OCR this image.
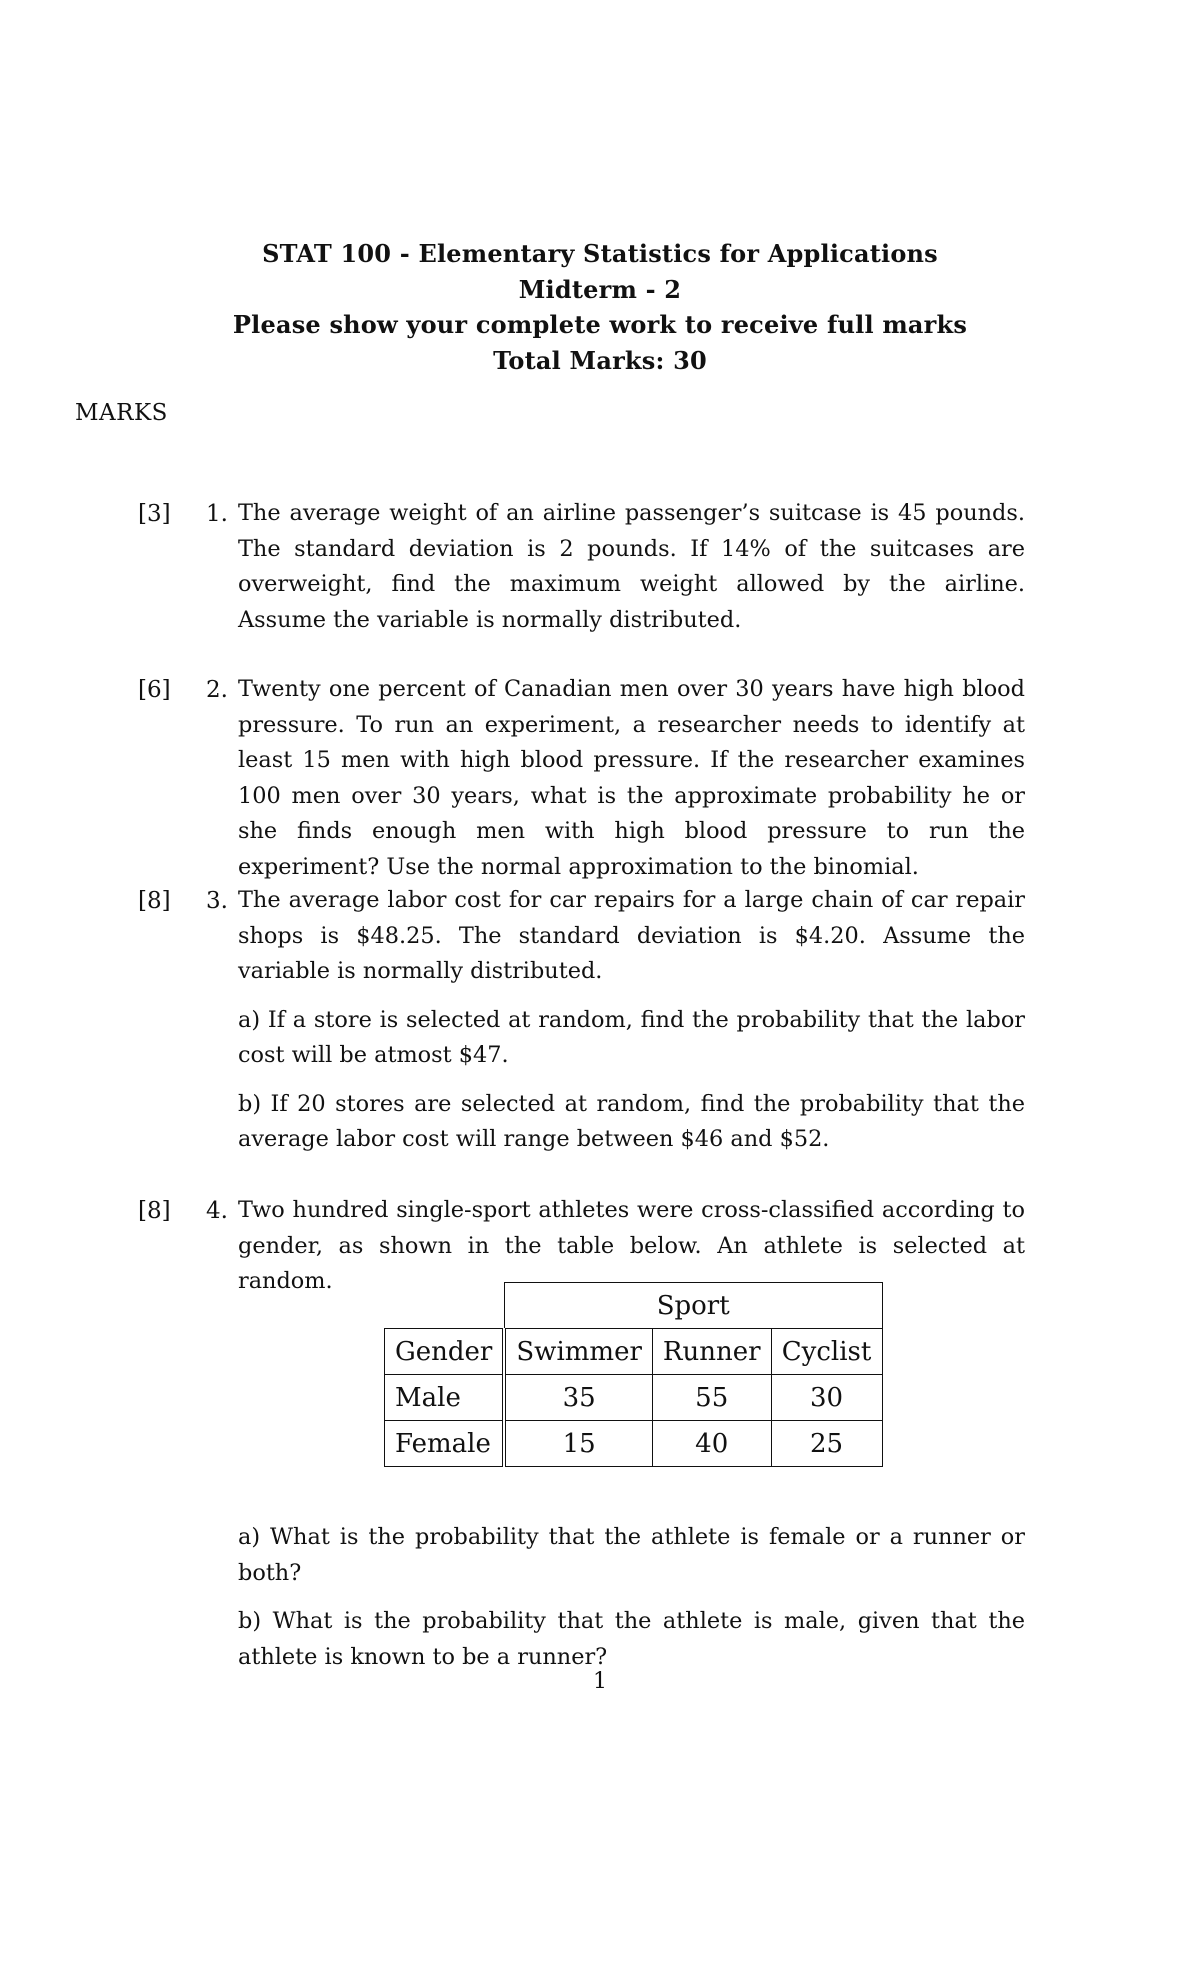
STAT 100 - Elementary Statistics for Applications
Midterm - 2
Please show your complete work to receive full marks
Total Marks: 30
MARKS
[3] 1. The average weight of an airline passenger’s suitcase is 45 pounds. The standard deviation is 2 pounds. If 14% of the suitcases are overweight, find the maximum weight allowed by the airline. Assume the variable is normally distributed.

[6] 2. Twenty one percent of Canadian men over 30 years have high blood pressure. To run an experiment, a researcher needs to identify at least 15 men with high blood pressure. If the researcher examines 100 men over 30 years, what is the approximate probability he or she finds enough men with high blood pressure to run the experiment? Use the normal approximation to the binomial.

[8] 3. The average labor cost for car repairs for a large chain of car repair shops is $48.25. The standard deviation is $4.20. Assume the variable is normally distributed.

a) If a store is selected at random, find the probability that the labor cost will be atmost $47.

b) If 20 stores are selected at random, find the probability that the average labor cost will range between $46 and $52.

[8] 4. Two hundred single-sport athletes were cross-classified according to gender, as shown in the table below. An athlete is selected at random.

	Sport		
Gender	Swimmer	Runner	Cyclist
Male	35	55	30
Female	15	40	25

a) What is the probability that the athlete is female or a runner or both?

b) What is the probability that the athlete is male, given that the athlete is known to be a runner?

1
